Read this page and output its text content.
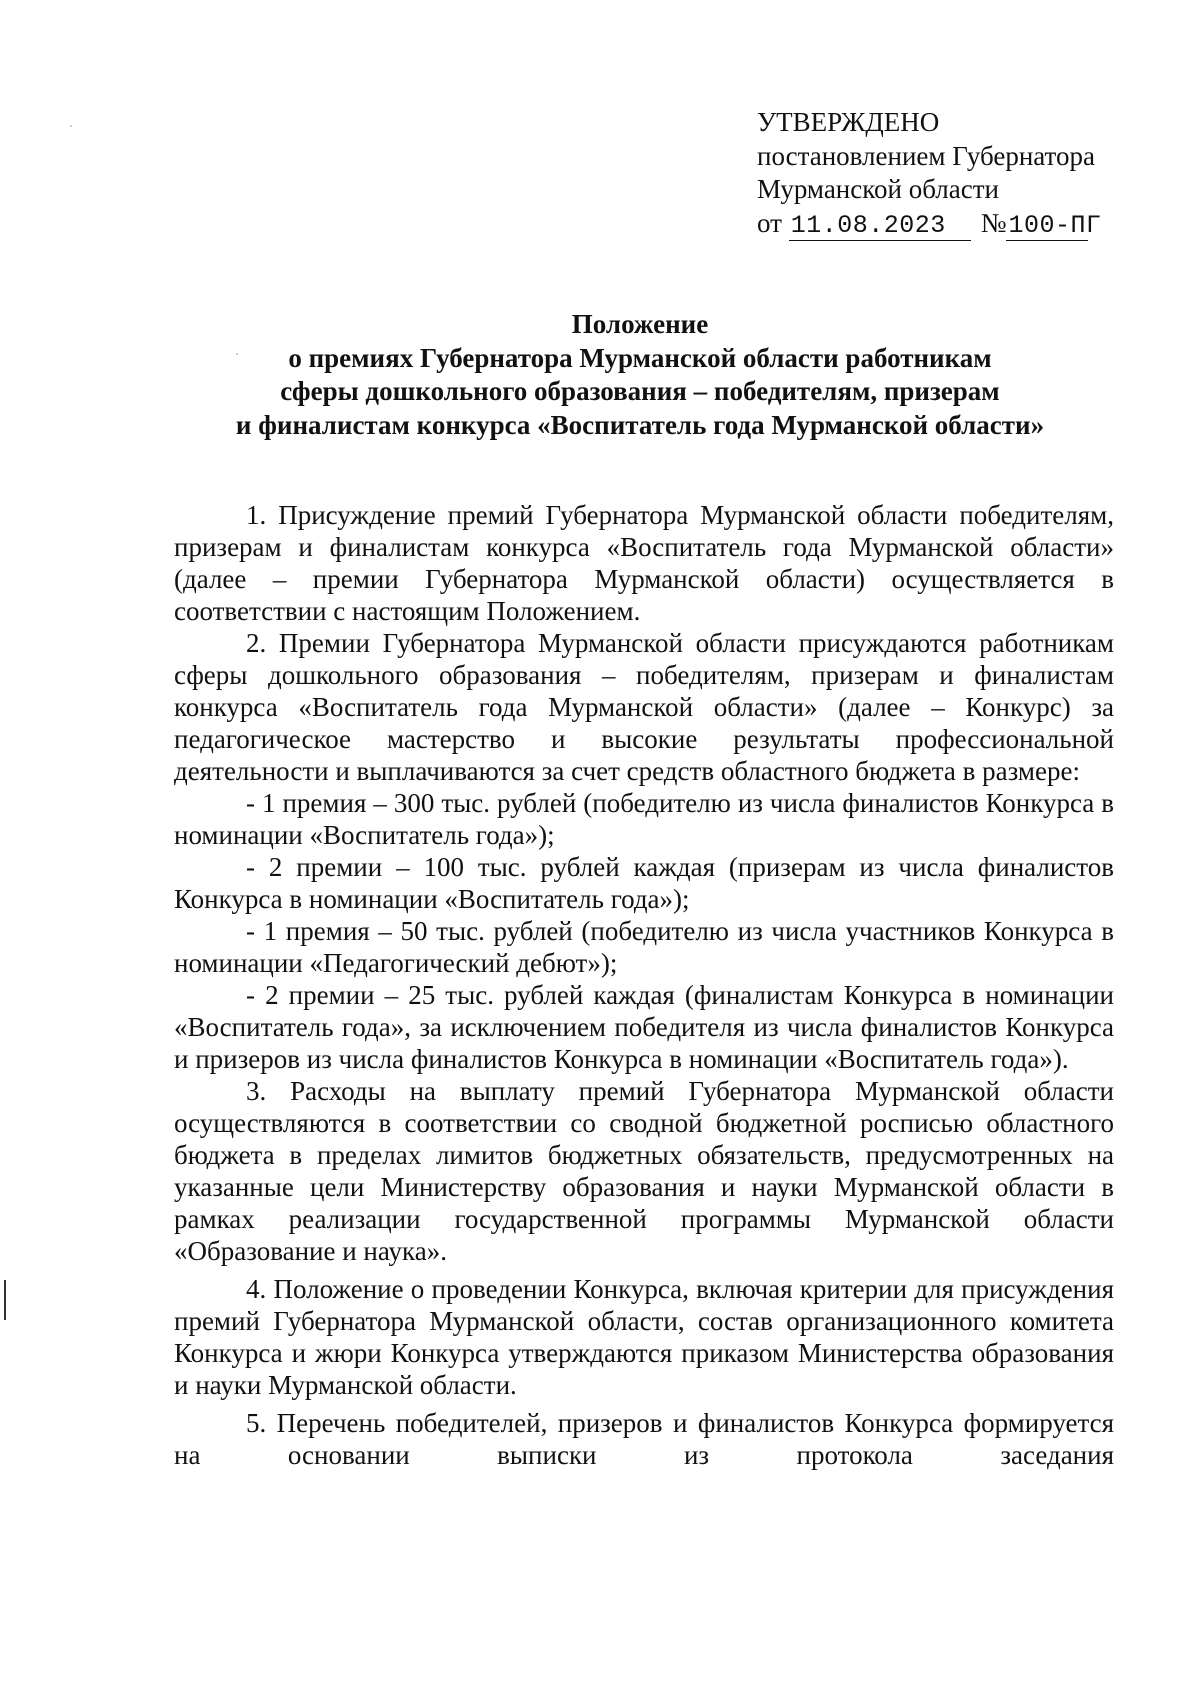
УТВЕРЖДЕНО
постановлением Губернатора
Мурманской области
от 11.08.2023 №100-ПГ
Положение
о премиях Губернатора Мурманской области работникам
сферы дошкольного образования – победителям, призерам
и финалистам конкурса «Воспитатель года Мурманской области»

1. Присуждение премий Губернатора Мурманской области победителям, призерам и финалистам конкурса «Воспитатель года Мурманской области» (далее – премии Губернатора Мурманской области) осуществляется в соответствии с настоящим Положением.

2. Премии Губернатора Мурманской области присуждаются работникам сферы дошкольного образования – победителям, призерам и финалистам конкурса «Воспитатель года Мурманской области» (далее – Конкурс) за педагогическое мастерство и высокие результаты профессиональной деятельности и выплачиваются за счет средств областного бюджета в размере:

- 1 премия – 300 тыс. рублей (победителю из числа финалистов Конкурса в номинации «Воспитатель года»);

- 2 премии – 100 тыс. рублей каждая (призерам из числа финалистов Конкурса в номинации «Воспитатель года»);

- 1 премия – 50 тыс. рублей (победителю из числа участников Конкурса в номинации «Педагогический дебют»);

- 2 премии – 25 тыс. рублей каждая (финалистам Конкурса в номинации «Воспитатель года», за исключением победителя из числа финалистов Конкурса и призеров из числа финалистов Конкурса в номинации «Воспитатель года»).

3. Расходы на выплату премий Губернатора Мурманской области осуществляются в соответствии со сводной бюджетной росписью областного бюджета в пределах лимитов бюджетных обязательств, предусмотренных на указанные цели Министерству образования и науки Мурманской области в рамках реализации государственной программы Мурманской области «Образование и наука».

4. Положение о проведении Конкурса, включая критерии для присуждения премий Губернатора Мурманской области, состав организационного комитета Конкурса и жюри Конкурса утверждаются приказом Министерства образования и науки Мурманской области.

5. Перечень победителей, призеров и финалистов Конкурса формируется на основании выписки из протокола заседания
